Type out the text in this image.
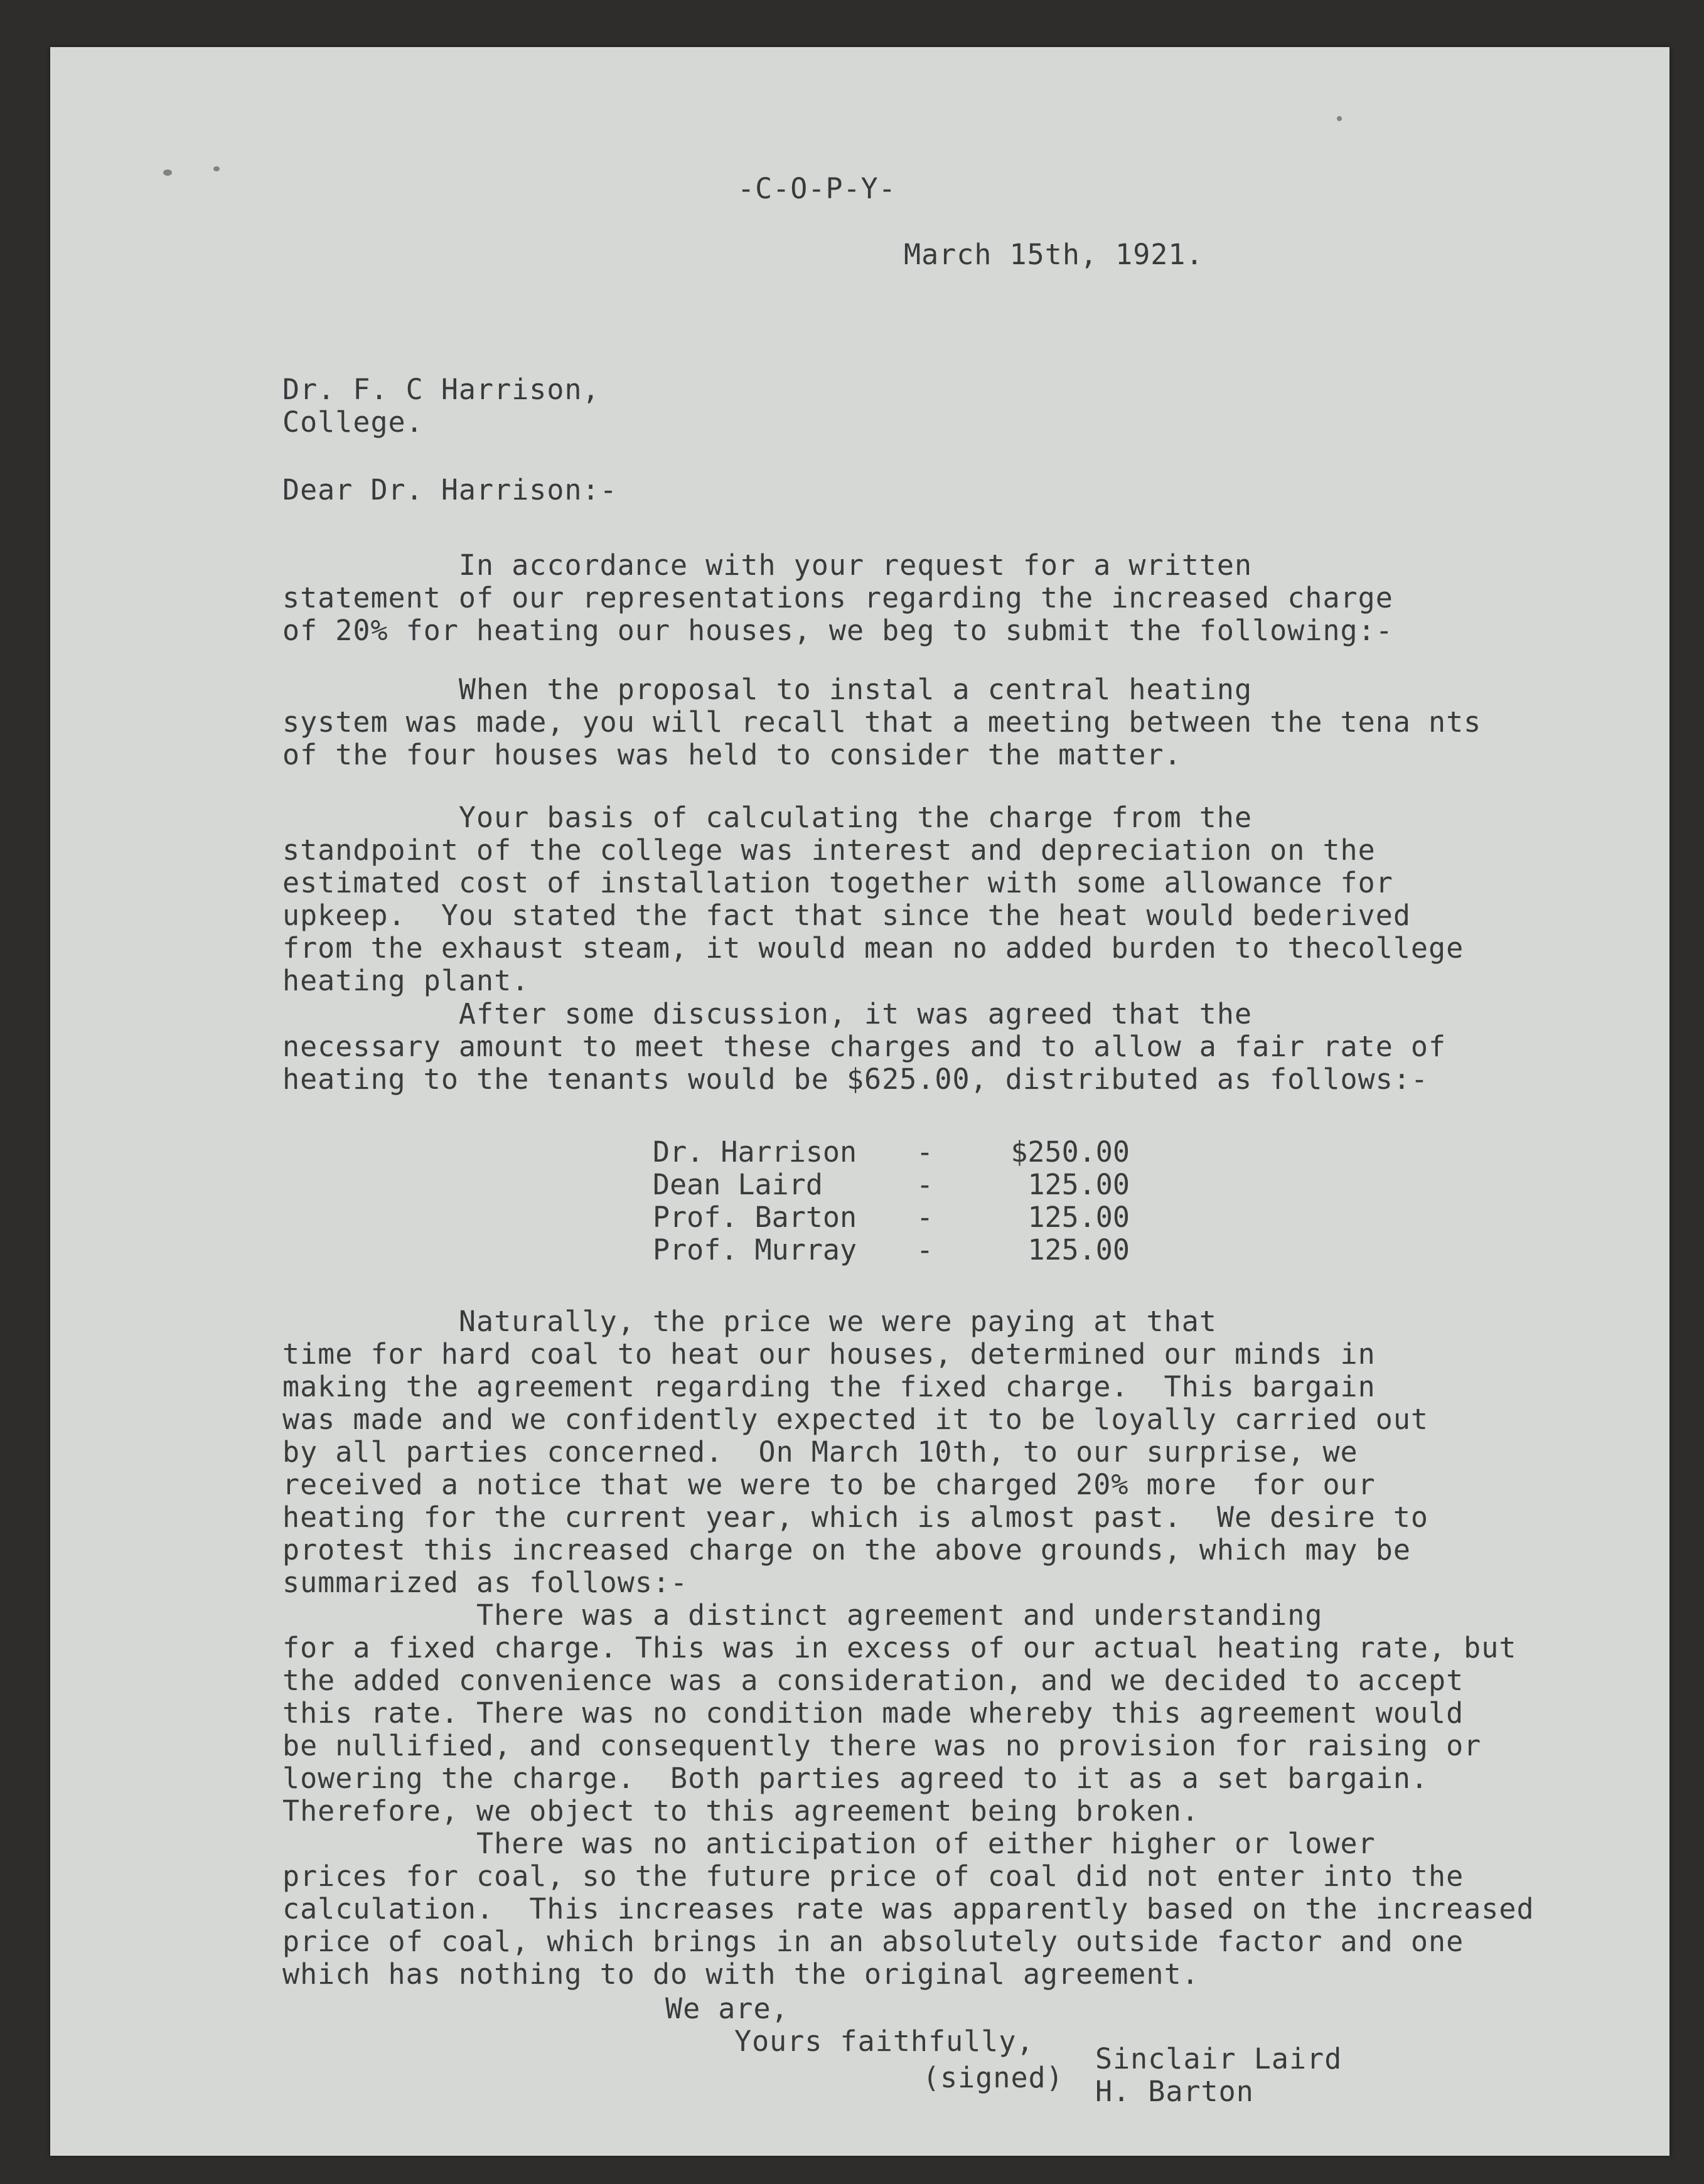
-C-O-P-Y-
March 15th, 1921.
Dr. F. C Harrison,
College.
Dear Dr. Harrison:-
In accordance with your request for a written
statement of our representations regarding the increased charge
of 20% for heating our houses, we beg to submit the following:-
When the proposal to instal a central heating
system was made, you will recall that a meeting between the tena nts
of the four houses was held to consider the matter.
Your basis of calculating the charge from the
standpoint of the college was interest and depreciation on the
estimated cost of installation together with some allowance for
upkeep.  You stated the fact that since the heat would bederived
from the exhaust steam, it would mean no added burden to thecollege
heating plant.
After some discussion, it was agreed that the
necessary amount to meet these charges and to allow a fair rate of
heating to the tenants would be $625.00, distributed as follows:-
Dr. Harrison -	$250.00
Dean Laird	-	125.00
Prof. Barton -	125.00
Prof. Murray -	125.00
Naturally, the price we were paying at that
time for hard coal to heat our houses, determined our minds in
making the agreement regarding the fixed charge.  This bargain
was made and we confidently expected it to be loyally carried out
by all parties concerned.  On March 10th, to our surprise, we
received a notice that we were to be charged 20% more  for our
heating for the current year, which is almost past.  We desire to
protest this increased charge on the above grounds, which may be
summarized as follows:-
There was a distinct agreement and understanding
for a fixed charge. This was in excess of our actual heating rate, but
the added convenience was a consideration, and we decided to accept
this rate. There was no condition made whereby this agreement would
be nullified, and consequently there was no provision for raising or
lowering the charge.  Both parties agreed to it as a set bargain.
Therefore, we object to this agreement being broken.
There was no anticipation of either higher or lower
prices for coal, so the future price of coal did not enter into the
calculation.  This increases rate was apparently based on the increased
price of coal, which brings in an absolutely outside factor and one
which has nothing to do with the original agreement.
We are,
Yours faithfully,
(signed)
Sinclair Laird
H. Barton
